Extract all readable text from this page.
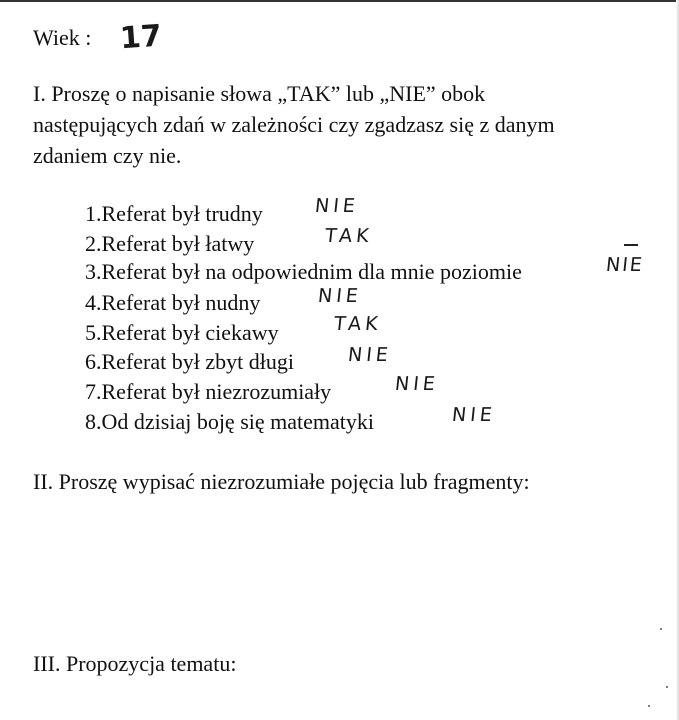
Wiek : 17
I. Proszę o napisanie słowa „TAK” lub „NIE” obok
następujących zdań w zależności czy zgadzasz się z danym
zdaniem czy nie.
1.Referat był trudny	NIE
2.Referat był łatwy	TAK
3.Referat był na odpowiednim dla mnie poziomie	NIE
4.Referat był nudny	NIE
5.Referat był ciekawy	TAK
6.Referat był zbyt długi	NIE
7.Referat był niezrozumiały	NIE
8.Od dzisiaj boję się matematyki	NIE
II. Proszę wypisać niezrozumiałe pojęcia lub fragmenty:
III. Propozycja tematu:
